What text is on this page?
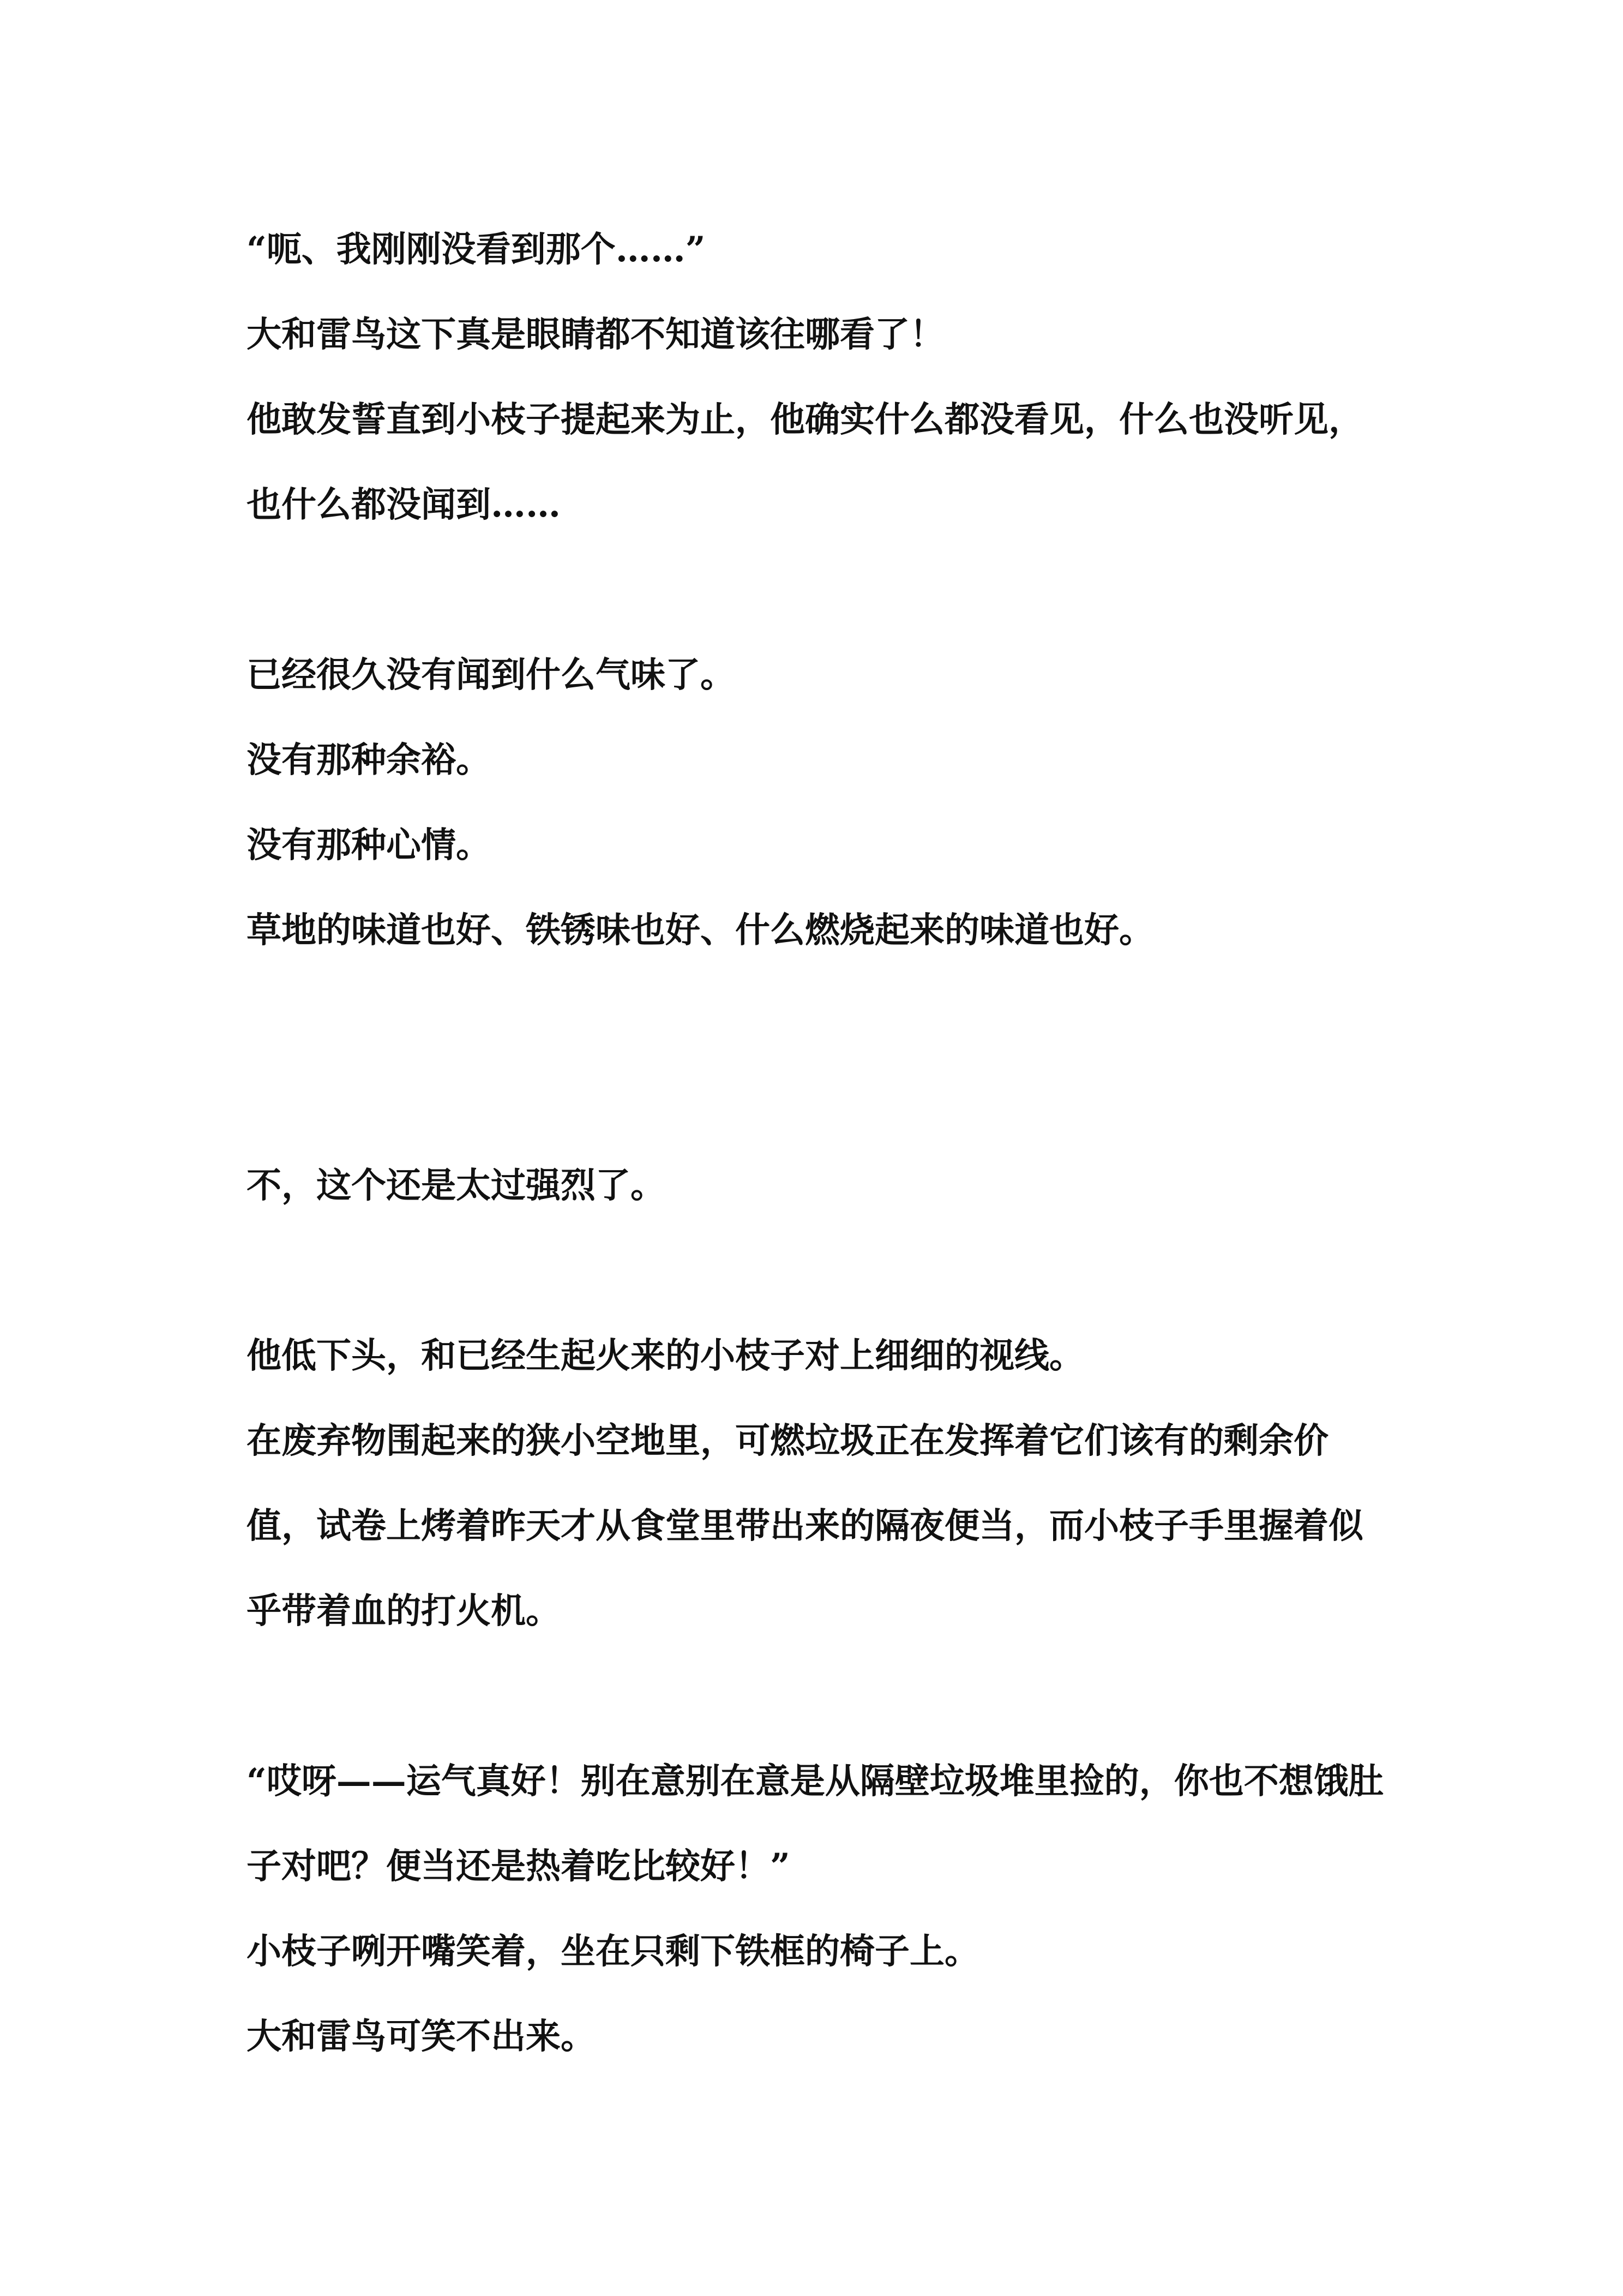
“呃、我刚刚没看到那个……”

大和雷鸟这下真是眼睛都不知道该往哪看了！

他敢发誓直到小枝子提起来为止，他确实什么都没看见，什么也没听见，也什么都没闻到……

已经很久没有闻到什么气味了。

没有那种余裕。

没有那种心情。

草地的味道也好、铁锈味也好、什么燃烧起来的味道也好。

不，这个还是太过强烈了。

他低下头，和已经生起火来的小枝子对上细细的视线。

在废弃物围起来的狭小空地里，可燃垃圾正在发挥着它们该有的剩余价值，试卷上烤着昨天才从食堂里带出来的隔夜便当，而小枝子手里握着似乎带着血的打火机。

“哎呀——运气真好！别在意别在意是从隔壁垃圾堆里捡的，你也不想饿肚子对吧？便当还是热着吃比较好！”

小枝子咧开嘴笑着，坐在只剩下铁框的椅子上。

大和雷鸟可笑不出来。
